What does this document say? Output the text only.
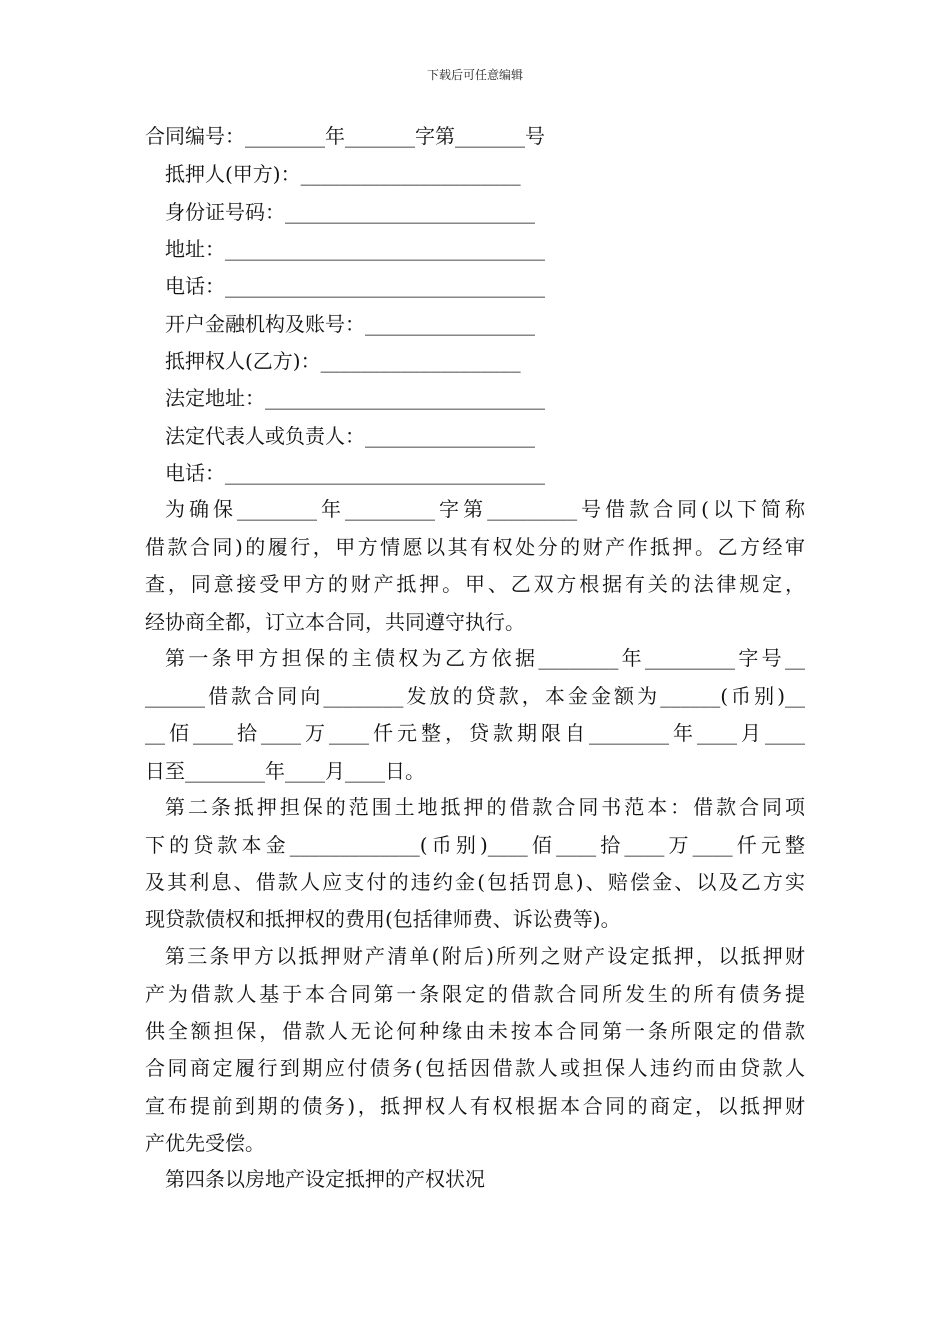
下载后可任意编辑

合同编号：________年_______字第_______号

抵押人(甲方)：______________________

身份证号码：_________________________

地址：________________________________

电话：________________________________

开户金融机构及账号：_________________

抵押权人(乙方)：____________________

法定地址：____________________________

法定代表人或负责人：_________________

电话：________________________________

为确保________年_________字第_________号借款合同(以下简称

借款合同)的履行，甲方情愿以其有权处分的财产作抵押。乙方经审

查，同意接受甲方的财产抵押。甲、乙双方根据有关的法律规定，

经协商全都，订立本合同，共同遵守执行。

第一条甲方担保的主债权为乙方依据________年_________字号__

______借款合同向________发放的贷款，本金金额为______(币别)__

__佰____拾____万____仟元整，贷款期限自________年____月____

日至________年____月____日。

第二条抵押担保的范围土地抵押的借款合同书范本：借款合同项

下的贷款本金_____________(币别)____佰____拾____万____仟元整

及其利息、借款人应支付的违约金(包括罚息)、赔偿金、以及乙方实

现贷款债权和抵押权的费用(包括律师费、诉讼费等)。

第三条甲方以抵押财产清单(附后)所列之财产设定抵押，以抵押财

产为借款人基于本合同第一条限定的借款合同所发生的所有债务提

供全额担保，借款人无论何种缘由未按本合同第一条所限定的借款

合同商定履行到期应付债务(包括因借款人或担保人违约而由贷款人

宣布提前到期的债务)，抵押权人有权根据本合同的商定，以抵押财

产优先受偿。

第四条以房地产设定抵押的产权状况
